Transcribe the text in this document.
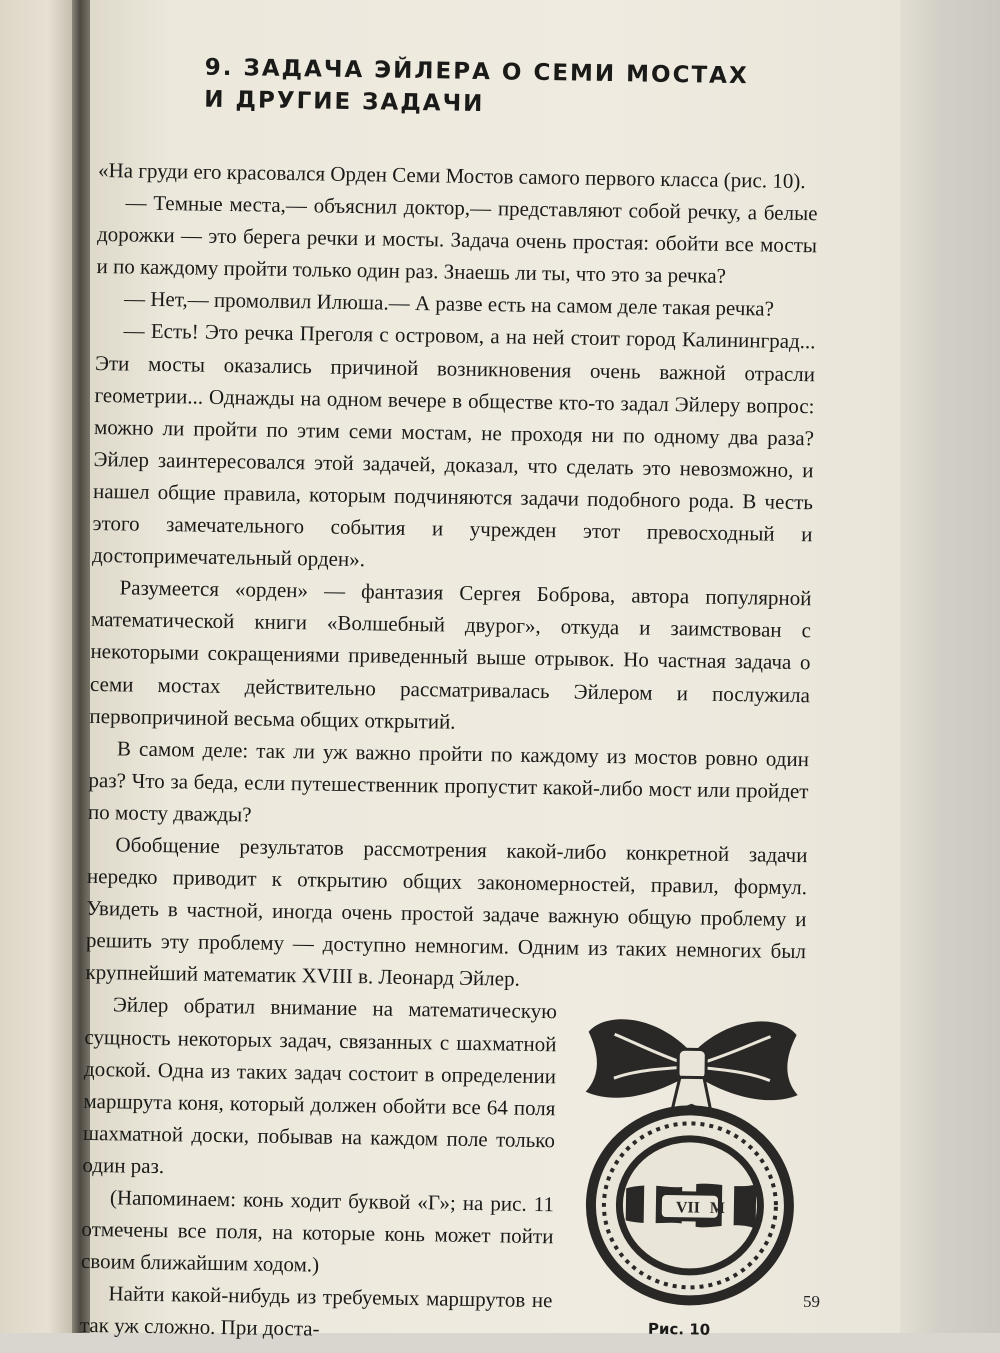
9. ЗАДАЧА ЭЙЛЕРА О СЕМИ МОСТАХ
И ДРУГИЕ ЗАДАЧИ

«На груди его красовался Орден Семи Мостов самого первого класса (рис. 10).

— Темные места,— объяснил доктор,— представляют собой речку, а белые дорожки — это берега речки и мосты. Задача очень простая: обойти все мосты и по каждому пройти только один раз. Знаешь ли ты, что это за речка?

— Нет,— промолвил Илюша.— А разве есть на самом деле такая речка?

— Есть! Это речка Преголя с островом, а на ней стоит город Калининград... Эти мосты оказались причиной возникновения очень важной отрасли геометрии... Однажды на одном вечере в обществе кто-то задал Эйлеру вопрос: можно ли пройти по этим семи мостам, не проходя ни по одному два раза? Эйлер заинтересовался этой задачей, доказал, что сделать это невозможно, и нашел общие правила, которым подчиняются задачи подобного рода. В честь этого замечательного события и учрежден этот превосходный и достопримечательный орден».

Разумеется «орден» — фантазия Сергея Боброва, автора популярной математической книги «Волшебный двурог», откуда и заимствован с некоторыми сокращениями приведенный выше отрывок. Но частная задача о семи мостах действительно рассматривалась Эйлером и послужила первопричиной весьма общих открытий.

В самом деле: так ли уж важно пройти по каждому из мостов ровно один раз? Что за беда, если путешественник пропустит какой-либо мост или пройдет по мосту дважды?

Обобщение результатов рассмотрения какой-либо конкретной задачи нередко приводит к открытию общих закономерностей, правил, формул. Увидеть в частной, иногда очень простой задаче важную общую проблему и решить эту проблему — доступно немногим. Одним из таких немногих был крупнейший математик XVIII в. Леонард Эйлер.

VII M
Рис. 10

Эйлер обратил внимание на математическую сущность некоторых задач, связанных с шахматной доской. Одна из таких задач состоит в определении маршрута коня, который должен обойти все 64 поля шахматной доски, побывав на каждом поле только один раз.

(Напоминаем: конь ходит буквой «Г»; на рис. 11 отмечены все поля, на которые конь может пойти своим ближайшим ходом.)

Найти какой-нибудь из требуемых маршрутов не так уж сложно. При доста-

59
